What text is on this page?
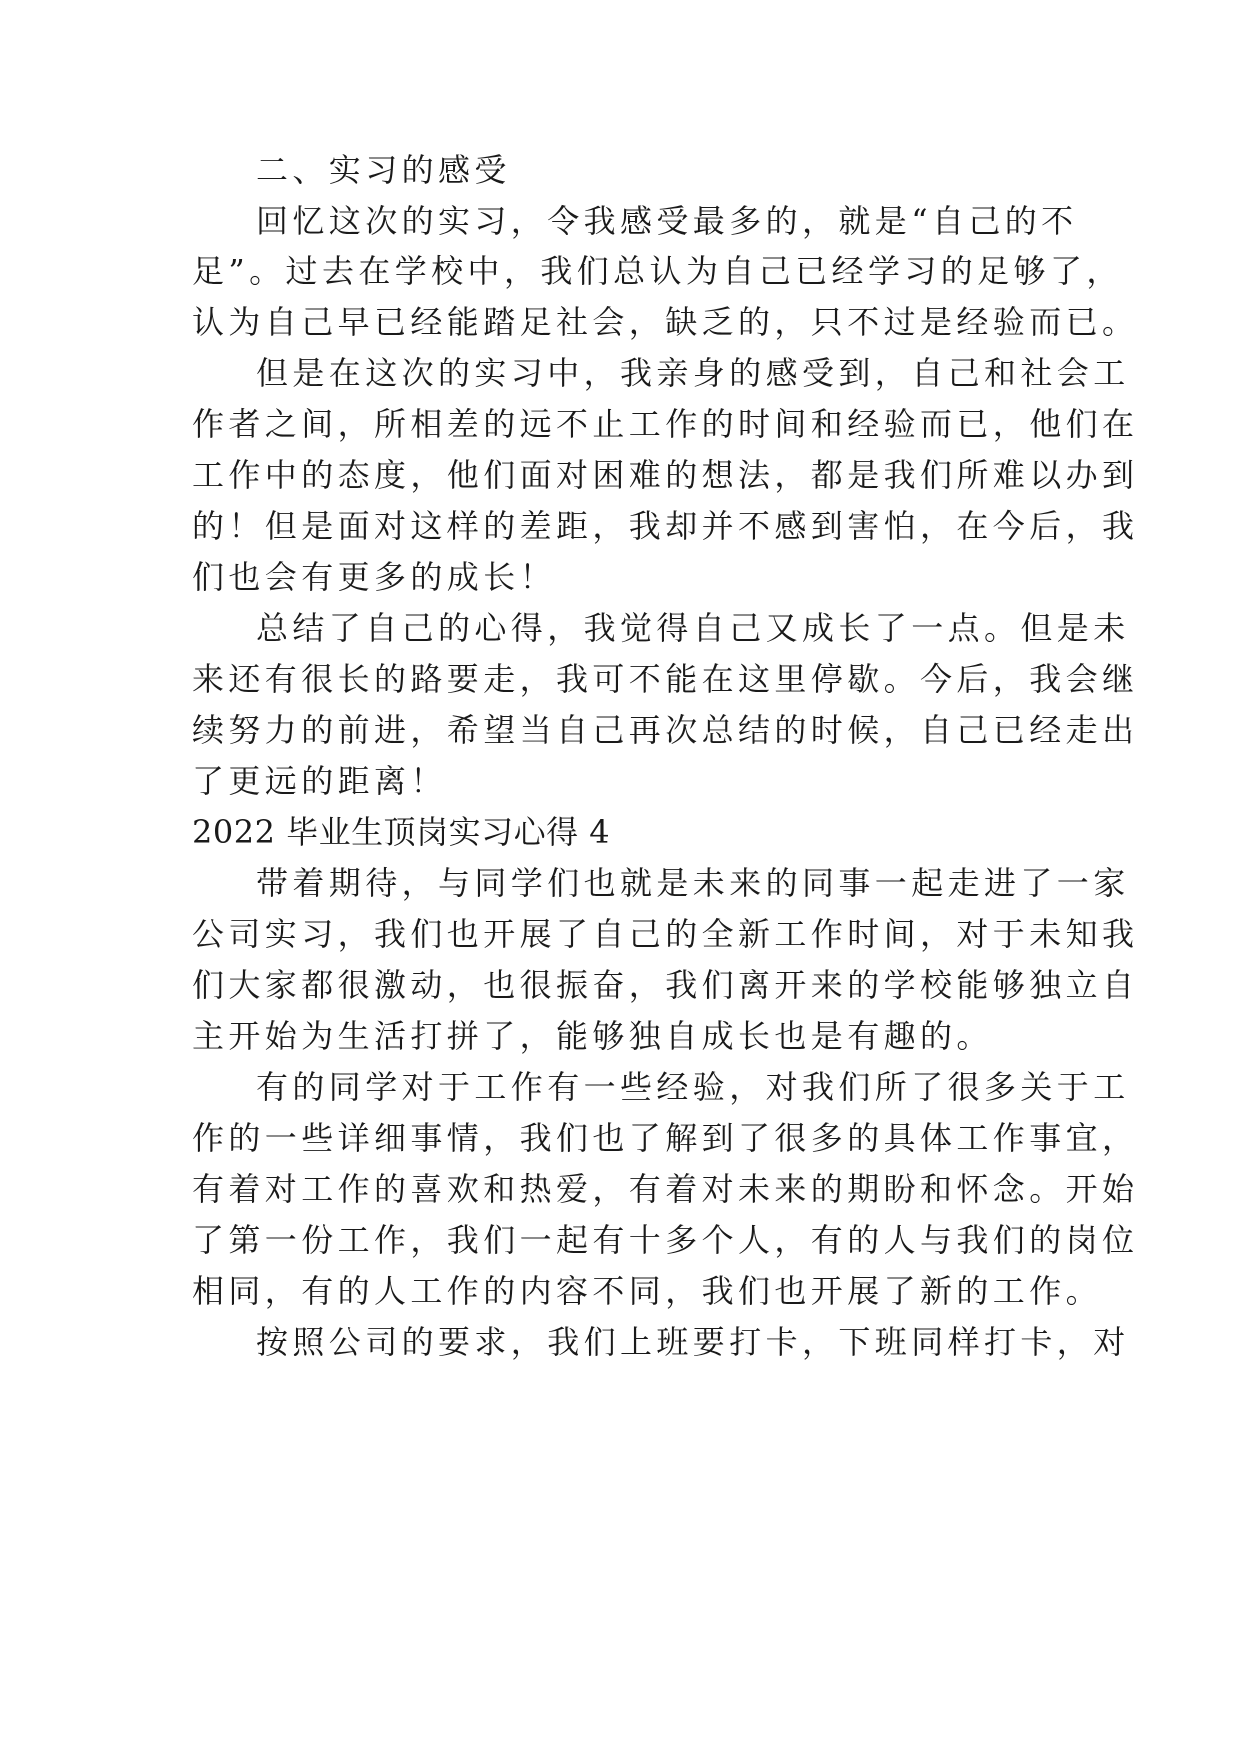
二、实习的感受
回忆这次的实习，令我感受最多的，就是“自己的不
足”。过去在学校中，我们总认为自己已经学习的足够了，
认为自己早已经能踏足社会，缺乏的，只不过是经验而已。
但是在这次的实习中，我亲身的感受到，自己和社会工
作者之间，所相差的远不止工作的时间和经验而已，他们在
工作中的态度，他们面对困难的想法，都是我们所难以办到
的！但是面对这样的差距，我却并不感到害怕，在今后，我
们也会有更多的成长！
总结了自己的心得，我觉得自己又成长了一点。但是未
来还有很长的路要走，我可不能在这里停歇。今后，我会继
续努力的前进，希望当自己再次总结的时候，自己已经走出
了更远的距离！
2022 毕业生顶岗实习心得 4
带着期待，与同学们也就是未来的同事一起走进了一家
公司实习，我们也开展了自己的全新工作时间，对于未知我
们大家都很激动，也很振奋，我们离开来的学校能够独立自
主开始为生活打拼了，能够独自成长也是有趣的。
有的同学对于工作有一些经验，对我们所了很多关于工
作的一些详细事情，我们也了解到了很多的具体工作事宜，
有着对工作的喜欢和热爱，有着对未来的期盼和怀念。开始
了第一份工作，我们一起有十多个人，有的人与我们的岗位
相同，有的人工作的内容不同，我们也开展了新的工作。
按照公司的要求，我们上班要打卡，下班同样打卡，对
